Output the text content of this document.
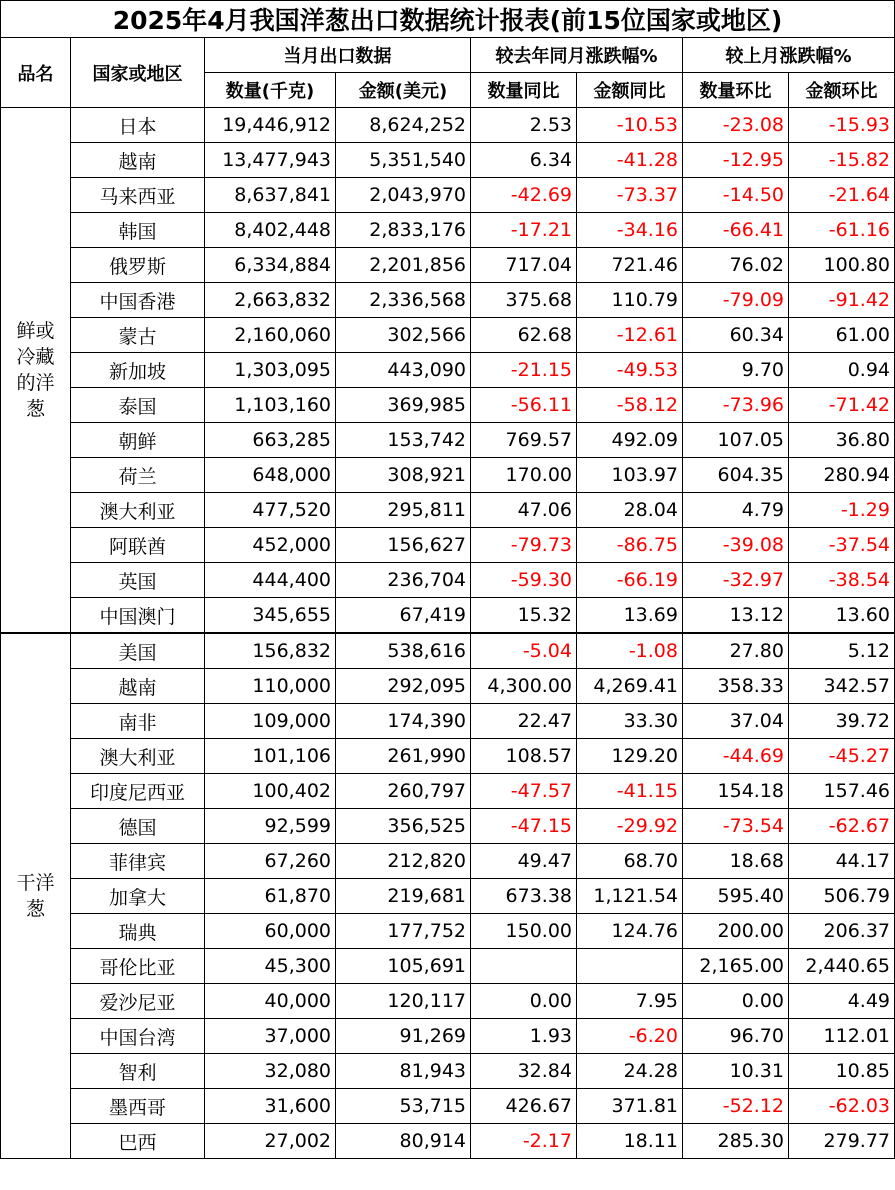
2025年4月我国洋葱出口数据统计报表(前15位国家或地区)							
品名	国家或地区	当月出口数据		较去年同月涨跌幅%		较上月涨跌幅%	
		数量(千克)	金额(美元)	数量同比	金额同比	数量环比	金额环比
鲜或冷藏的洋葱	日本	19,446,912	8,624,252	2.53	-10.53	-23.08	-15.93
	越南	13,477,943	5,351,540	6.34	-41.28	-12.95	-15.82
	马来西亚	8,637,841	2,043,970	-42.69	-73.37	-14.50	-21.64
	韩国	8,402,448	2,833,176	-17.21	-34.16	-66.41	-61.16
	俄罗斯	6,334,884	2,201,856	717.04	721.46	76.02	100.80
	中国香港	2,663,832	2,336,568	375.68	110.79	-79.09	-91.42
	蒙古	2,160,060	302,566	62.68	-12.61	60.34	61.00
	新加坡	1,303,095	443,090	-21.15	-49.53	9.70	0.94
	泰国	1,103,160	369,985	-56.11	-58.12	-73.96	-71.42
	朝鲜	663,285	153,742	769.57	492.09	107.05	36.80
	荷兰	648,000	308,921	170.00	103.97	604.35	280.94
	澳大利亚	477,520	295,811	47.06	28.04	4.79	-1.29
	阿联酋	452,000	156,627	-79.73	-86.75	-39.08	-37.54
	英国	444,400	236,704	-59.30	-66.19	-32.97	-38.54
	中国澳门	345,655	67,419	15.32	13.69	13.12	13.60
干洋葱	美国	156,832	538,616	-5.04	-1.08	27.80	5.12
	越南	110,000	292,095	4,300.00	4,269.41	358.33	342.57
	南非	109,000	174,390	22.47	33.30	37.04	39.72
	澳大利亚	101,106	261,990	108.57	129.20	-44.69	-45.27
	印度尼西亚	100,402	260,797	-47.57	-41.15	154.18	157.46
	德国	92,599	356,525	-47.15	-29.92	-73.54	-62.67
	菲律宾	67,260	212,820	49.47	68.70	18.68	44.17
	加拿大	61,870	219,681	673.38	1,121.54	595.40	506.79
	瑞典	60,000	177,752	150.00	124.76	200.00	206.37
	哥伦比亚	45,300	105,691			2,165.00	2,440.65
	爱沙尼亚	40,000	120,117	0.00	7.95	0.00	4.49
	中国台湾	37,000	91,269	1.93	-6.20	96.70	112.01
	智利	32,080	81,943	32.84	24.28	10.31	10.85
	墨西哥	31,600	53,715	426.67	371.81	-52.12	-62.03
	巴西	27,002	80,914	-2.17	18.11	285.30	279.77
